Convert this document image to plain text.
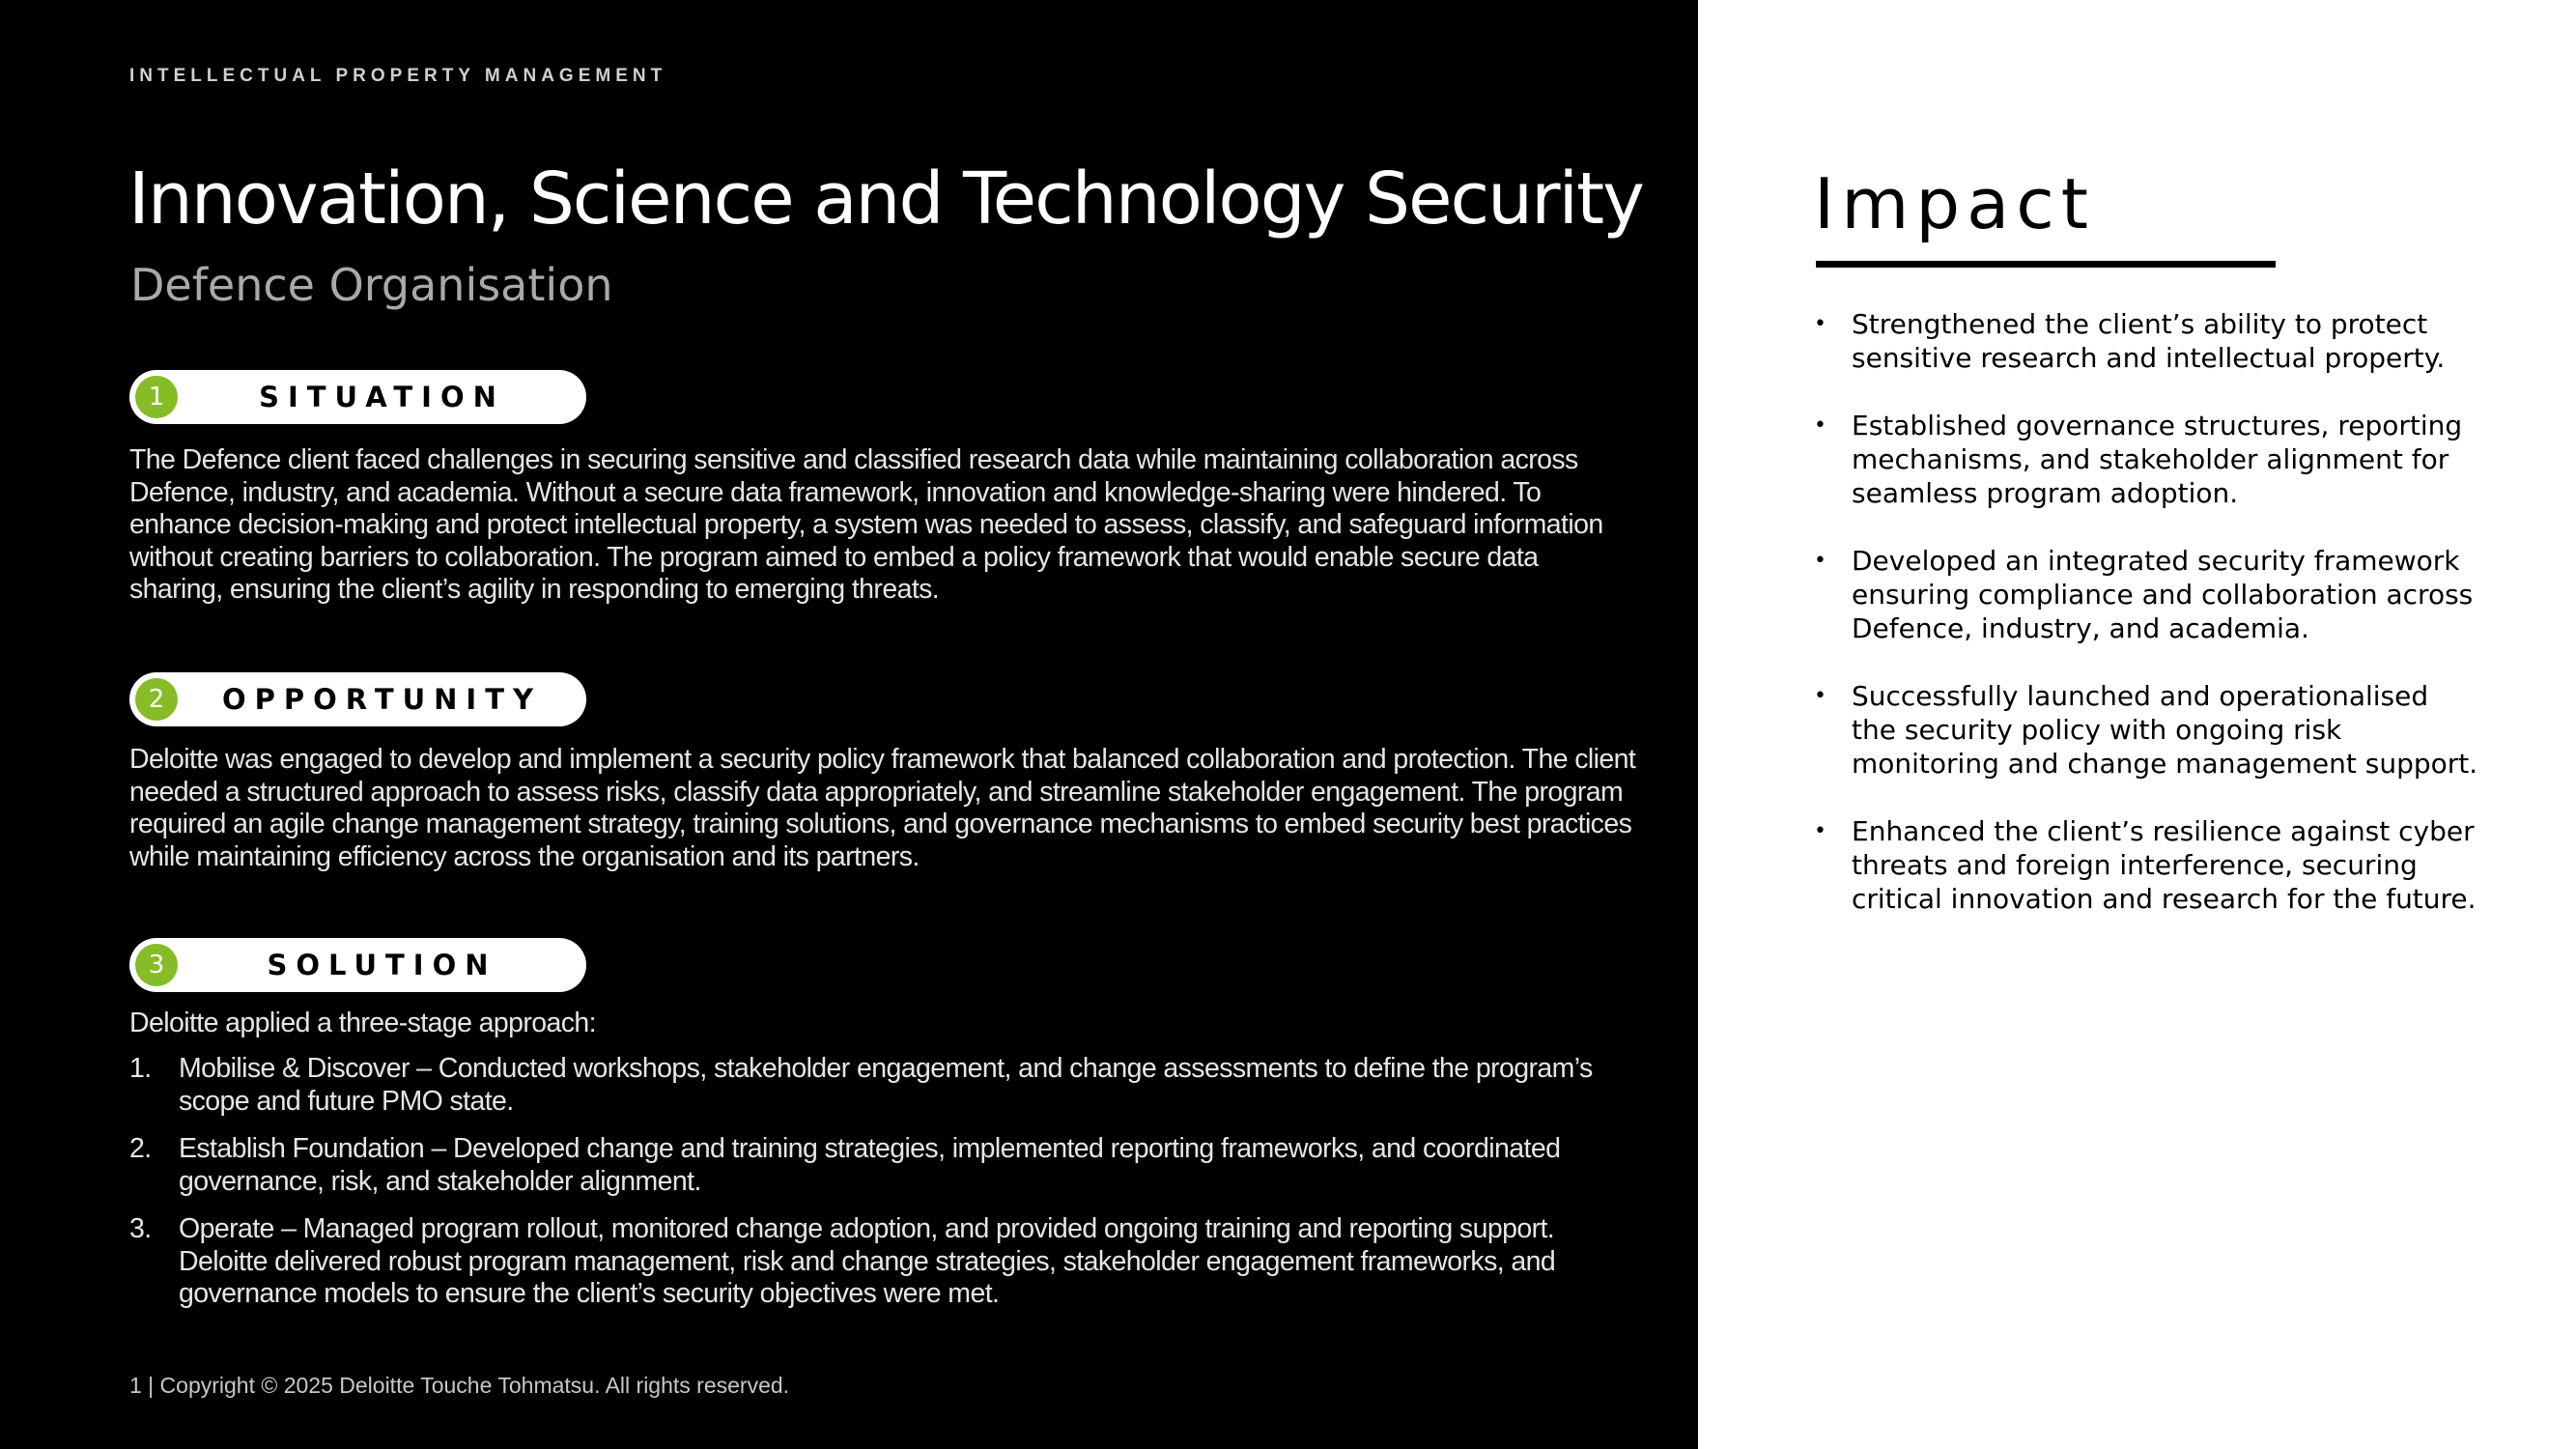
INTELLECTUAL PROPERTY MANAGEMENT
Innovation, Science and Technology Security
Defence Organisation
1	SITUATION

The Defence client faced challenges in securing sensitive and classified research data while maintaining collaboration across Defence, industry, and academia. Without a secure data framework, innovation and knowledge-sharing were hindered. To enhance decision-making and protect intellectual property, a system was needed to assess, classify, and safeguard information without creating barriers to collaboration. The program aimed to embed a policy framework that would enable secure data sharing, ensuring the client’s agility in responding to emerging threats.

2	OPPORTUNITY

Deloitte was engaged to develop and implement a security policy framework that balanced collaboration and protection. The client needed a structured approach to assess risks, classify data appropriately, and streamline stakeholder engagement. The program required an agile change management strategy, training solutions, and governance mechanisms to embed security best practices while maintaining efficiency across the organisation and its partners.

3	SOLUTION

Deloitte applied a three-stage approach:

1. Mobilise & Discover – Conducted workshops, stakeholder engagement, and change assessments to define the program’s scope and future PMO state.
2. Establish Foundation – Developed change and training strategies, implemented reporting frameworks, and coordinated governance, risk, and stakeholder alignment.
3. Operate – Managed program rollout, monitored change adoption, and provided ongoing training and reporting support. Deloitte delivered robust program management, risk and change strategies, stakeholder engagement frameworks, and governance models to ensure the client’s security objectives were met.
1 | Copyright © 2025 Deloitte Touche Tohmatsu. All rights reserved.
Impact
• Strengthened the client’s ability to protect sensitive research and intellectual property.
• Established governance structures, reporting mechanisms, and stakeholder alignment for seamless program adoption.
• Developed an integrated security framework ensuring compliance and collaboration across Defence, industry, and academia.
• Successfully launched and operationalised the security policy with ongoing risk monitoring and change management support.
• Enhanced the client’s resilience against cyber threats and foreign interference, securing critical innovation and research for the future.
